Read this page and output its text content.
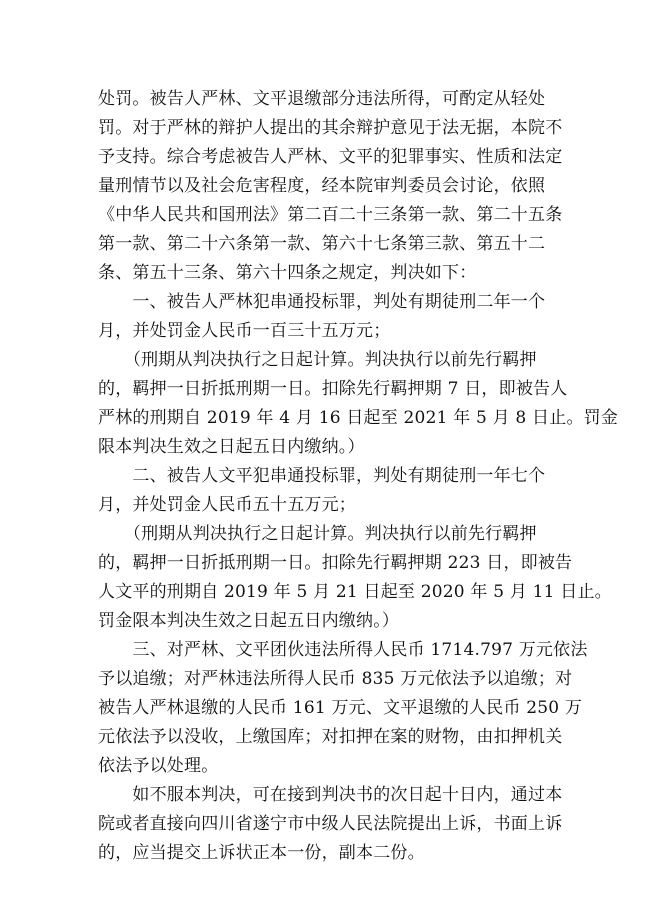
处罚。被告人严林、文平退缴部分违法所得，可酌定从轻处
罚。对于严林的辩护人提出的其余辩护意见于法无据，本院不
予支持。综合考虑被告人严林、文平的犯罪事实、性质和法定
量刑情节以及社会危害程度，经本院审判委员会讨论，依照
《中华人民共和国刑法》第二百二十三条第一款、第二十五条
第一款、第二十六条第一款、第六十七条第三款、第五十二
条、第五十三条、第六十四条之规定，判决如下：
　　一、被告人严林犯串通投标罪，判处有期徒刑二年一个
月，并处罚金人民币一百三十五万元；
　　（刑期从判决执行之日起计算。判决执行以前先行羁押
的，羁押一日折抵刑期一日。扣除先行羁押期 7 日，即被告人
严林的刑期自 2019 年 4 月 16 日起至 2021 年 5 月 8 日止。罚金
限本判决生效之日起五日内缴纳。）
　　二、被告人文平犯串通投标罪，判处有期徒刑一年七个
月，并处罚金人民币五十五万元；
　　（刑期从判决执行之日起计算。判决执行以前先行羁押
的，羁押一日折抵刑期一日。扣除先行羁押期 223 日，即被告
人文平的刑期自 2019 年 5 月 21 日起至 2020 年 5 月 11 日止。
罚金限本判决生效之日起五日内缴纳。）
　　三、对严林、文平团伙违法所得人民币 1714.797 万元依法
予以追缴；对严林违法所得人民币 835 万元依法予以追缴；对
被告人严林退缴的人民币 161 万元、文平退缴的人民币 250 万
元依法予以没收，上缴国库；对扣押在案的财物，由扣押机关
依法予以处理。
　　如不服本判决，可在接到判决书的次日起十日内，通过本
院或者直接向四川省遂宁市中级人民法院提出上诉，书面上诉
的，应当提交上诉状正本一份，副本二份。
